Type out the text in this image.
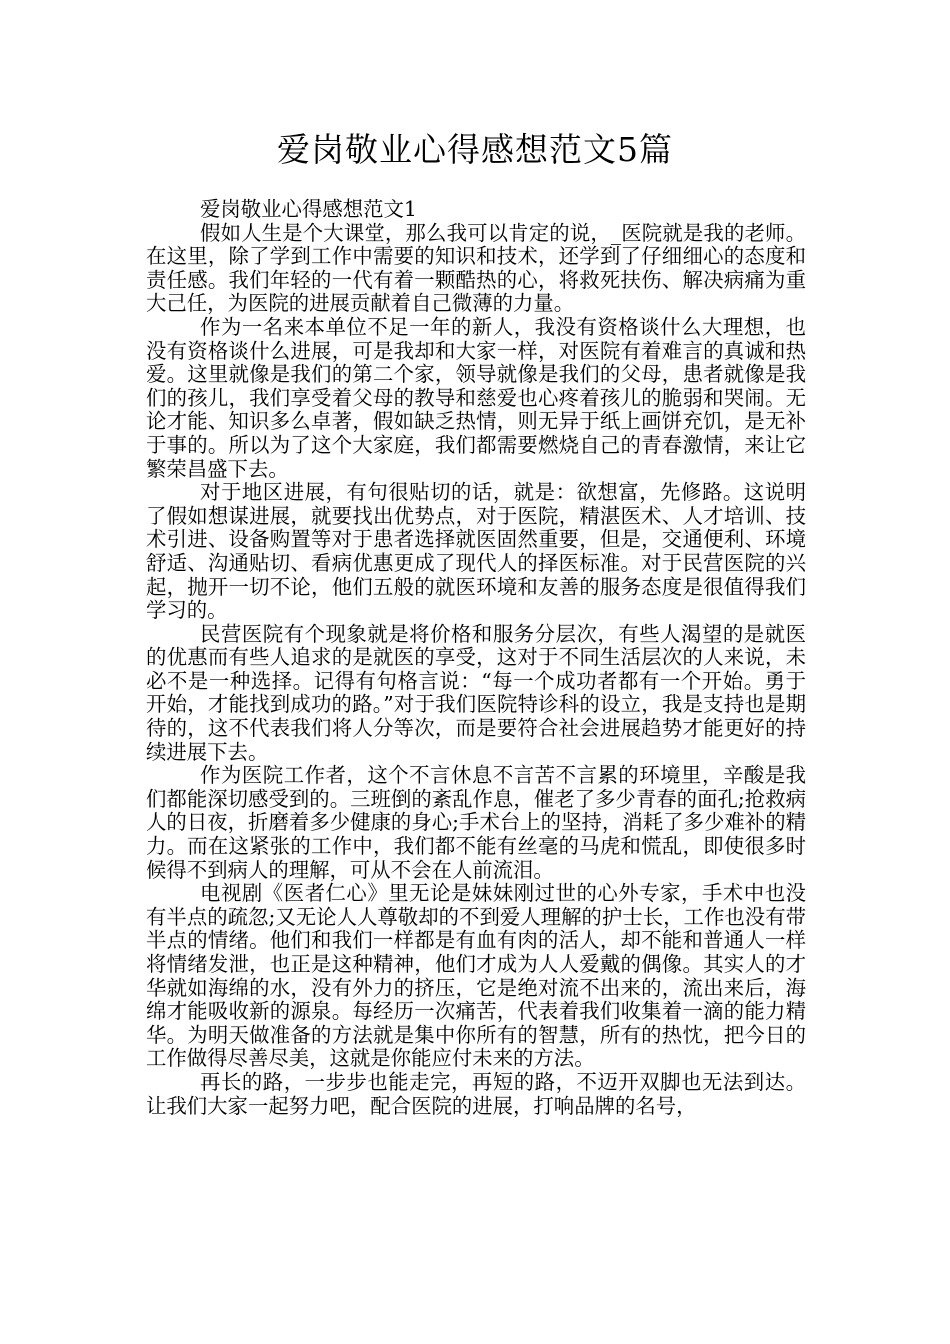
爱岗敬业心得感想范文5篇

爱岗敬业心得感想范文1

假如人生是个大课堂，那么我可以肯定的说，_医院就是我的老师。在这里，除了学到工作中需要的知识和技术，还学到了仔细细心的态度和责任感。我们年轻的一代有着一颗酷热的心，将救死扶伤、解决病痛为重大己任，为医院的进展贡献着自己微薄的力量。

作为一名来本单位不足一年的新人，我没有资格谈什么大理想，也没有资格谈什么进展，可是我却和大家一样，对医院有着难言的真诚和热爱。这里就像是我们的第二个家，领导就像是我们的父母，患者就像是我们的孩儿，我们享受着父母的教导和慈爱也心疼着孩儿的脆弱和哭闹。无论才能、知识多么卓著，假如缺乏热情，则无异于纸上画饼充饥，是无补于事的。所以为了这个大家庭，我们都需要燃烧自己的青春激情，来让它繁荣昌盛下去。

对于地区进展，有句很贴切的话，就是：欲想富，先修路。这说明了假如想谋进展，就要找出优势点，对于医院，精湛医术、人才培训、技术引进、设备购置等对于患者选择就医固然重要，但是，交通便利、环境舒适、沟通贴切、看病优惠更成了现代人的择医标准。对于民营医院的兴起，抛开一切不论，他们五般的就医环境和友善的服务态度是很值得我们学习的。

民营医院有个现象就是将价格和服务分层次，有些人渴望的是就医的优惠而有些人追求的是就医的享受，这对于不同生活层次的人来说，未必不是一种选择。记得有句格言说：“每一个成功者都有一个开始。勇于开始，才能找到成功的路。”对于我们医院特诊科的设立，我是支持也是期待的，这不代表我们将人分等次，而是要符合社会进展趋势才能更好的持续进展下去。

作为医院工作者，这个不言休息不言苦不言累的环境里，辛酸是我们都能深切感受到的。三班倒的紊乱作息，催老了多少青春的面孔;抢救病人的日夜，折磨着多少健康的身心;手术台上的坚持，消耗了多少难补的精力。而在这紧张的工作中，我们都不能有丝毫的马虎和慌乱，即使很多时候得不到病人的理解，可从不会在人前流泪。

电视剧《医者仁心》里无论是妹妹刚过世的心外专家，手术中也没有半点的疏忽;又无论人人尊敬却的不到爱人理解的护士长，工作也没有带半点的情绪。他们和我们一样都是有血有肉的活人，却不能和普通人一样将情绪发泄，也正是这种精神，他们才成为人人爱戴的偶像。其实人的才华就如海绵的水，没有外力的挤压，它是绝对流不出来的，流出来后，海绵才能吸收新的源泉。每经历一次痛苦，代表着我们收集着一滴的能力精华。为明天做准备的方法就是集中你所有的智慧，所有的热忱，把今日的工作做得尽善尽美，这就是你能应付未来的方法。

再长的路，一步步也能走完，再短的路，不迈开双脚也无法到达。让我们大家一起努力吧，配合医院的进展，打响品牌的名号，
